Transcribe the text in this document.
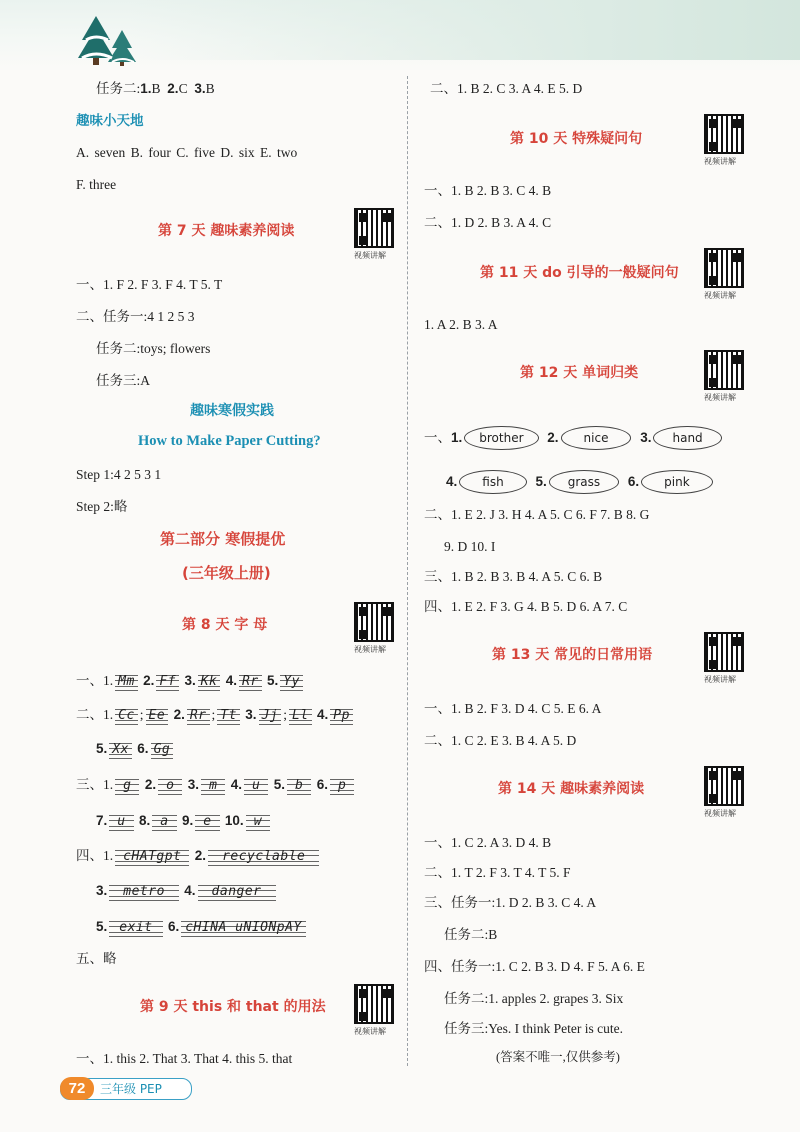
任务二:1.B 2.C 3.B
趣味小天地
A. seven B. four C. five D. six E. two
F. three
第 7 天 趣味素养阅读
视频讲解
一、1. F 2. F 3. F 4. T 5. T
二、任务一:4 1 2 5 3
任务二:toys; flowers
任务三:A
趣味寒假实践
How to Make Paper Cutting?
Step 1:4 2 5 3 1
Step 2:略
第二部分 寒假提优
(三年级上册)
第 8 天 字 母
视频讲解
一、1. Mm 2. Ff 3. Kk 4. Rr 5. Yy
二、1. Cc ; Ee 2. Rr ; Tt 3. Jj ; Ll 4. Pp
5. Xx 6. Gg
三、1. g 2. o 3. m 4. u 5. b 6. p
7. u 8. a 9. e 10. w
四、1. cHATgpt 2. recyclable
3. metro 4. danger
5. exit 6. cHINA uNIONpAY
五、略
第 9 天 this 和 that 的用法
视频讲解
一、1. this 2. That 3. That 4. this 5. that
二、1. B 2. C 3. A 4. E 5. D
第 10 天 特殊疑问句
视频讲解
一、1. B 2. B 3. C 4. B
二、1. D 2. B 3. A 4. C
第 11 天 do 引导的一般疑问句
视频讲解
1. A 2. B 3. A
第 12 天 单词归类
视频讲解
一、1. brother 2. nice 3. hand
4. fish 5. grass 6. pink
二、1. E 2. J 3. H 4. A 5. C 6. F 7. B 8. G
9. D 10. I
三、1. B 2. B 3. B 4. A 5. C 6. B
四、1. E 2. F 3. G 4. B 5. D 6. A 7. C
第 13 天 常见的日常用语
视频讲解
一、1. B 2. F 3. D 4. C 5. E 6. A
二、1. C 2. E 3. B 4. A 5. D
第 14 天 趣味素养阅读
视频讲解
一、1. C 2. A 3. D 4. B
二、1. T 2. F 3. T 4. T 5. F
三、任务一:1. D 2. B 3. C 4. A
任务二:B
四、任务一:1. C 2. B 3. D 4. F 5. A 6. E
任务二:1. apples 2. grapes 3. Six
任务三:Yes. I think Peter is cute.
(答案不唯一,仅供参考)
72	三年级 PEP
